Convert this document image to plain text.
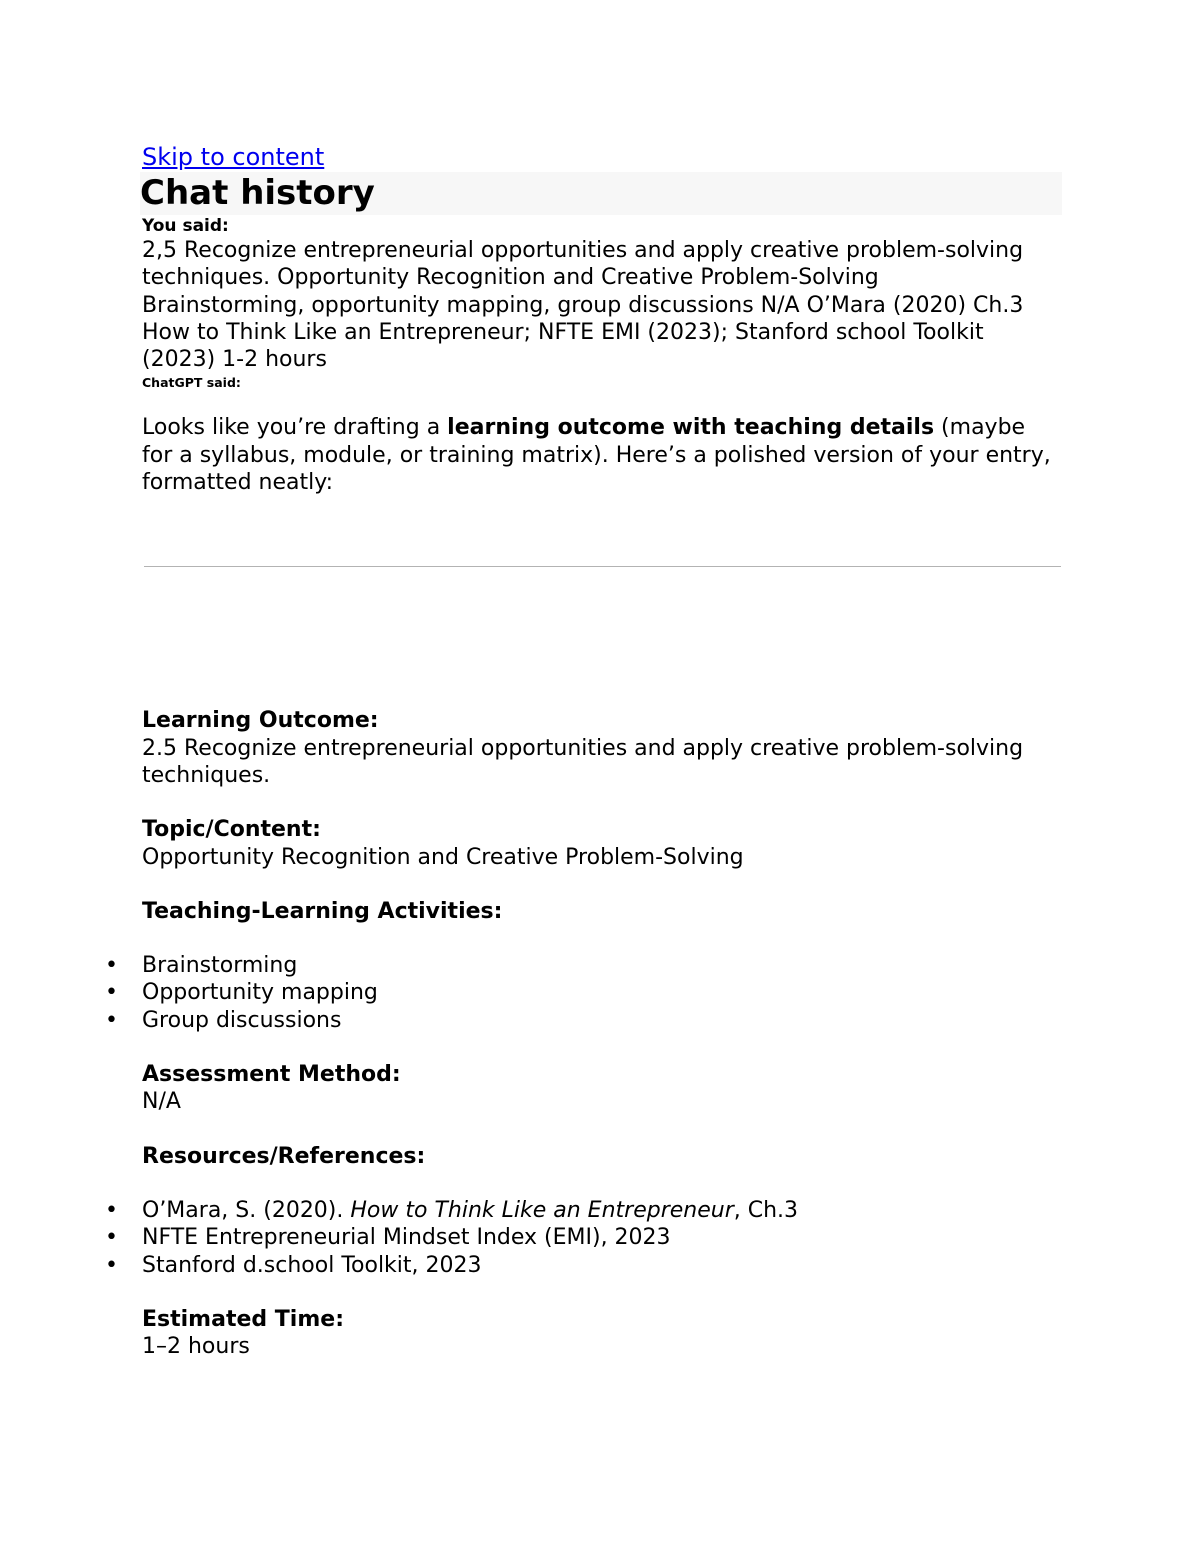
Skip to content
Chat history
You said:
2,5 Recognize entrepreneurial opportunities and apply creative problem-solving techniques. Opportunity Recognition and Creative Problem-Solving Brainstorming, opportunity mapping, group discussions N/A O’Mara (2020) Ch.3 How to Think Like an Entrepreneur; NFTE EMI (2023); Stanford school Toolkit (2023) 1-2 hours
ChatGPT said:
Looks like you’re drafting a learning outcome with teaching details (maybe for a syllabus, module, or training matrix). Here’s a polished version of your entry, formatted neatly:
Learning Outcome:
2.5 Recognize entrepreneurial opportunities and apply creative problem-solving techniques.
Topic/Content:
Opportunity Recognition and Creative Problem-Solving
Teaching-Learning Activities:
• Brainstorming
• Opportunity mapping
• Group discussions
Assessment Method:
N/A
Resources/References:
• O’Mara, S. (2020). How to Think Like an Entrepreneur, Ch.3
• NFTE Entrepreneurial Mindset Index (EMI), 2023
• Stanford d.school Toolkit, 2023
Estimated Time:
1–2 hours
